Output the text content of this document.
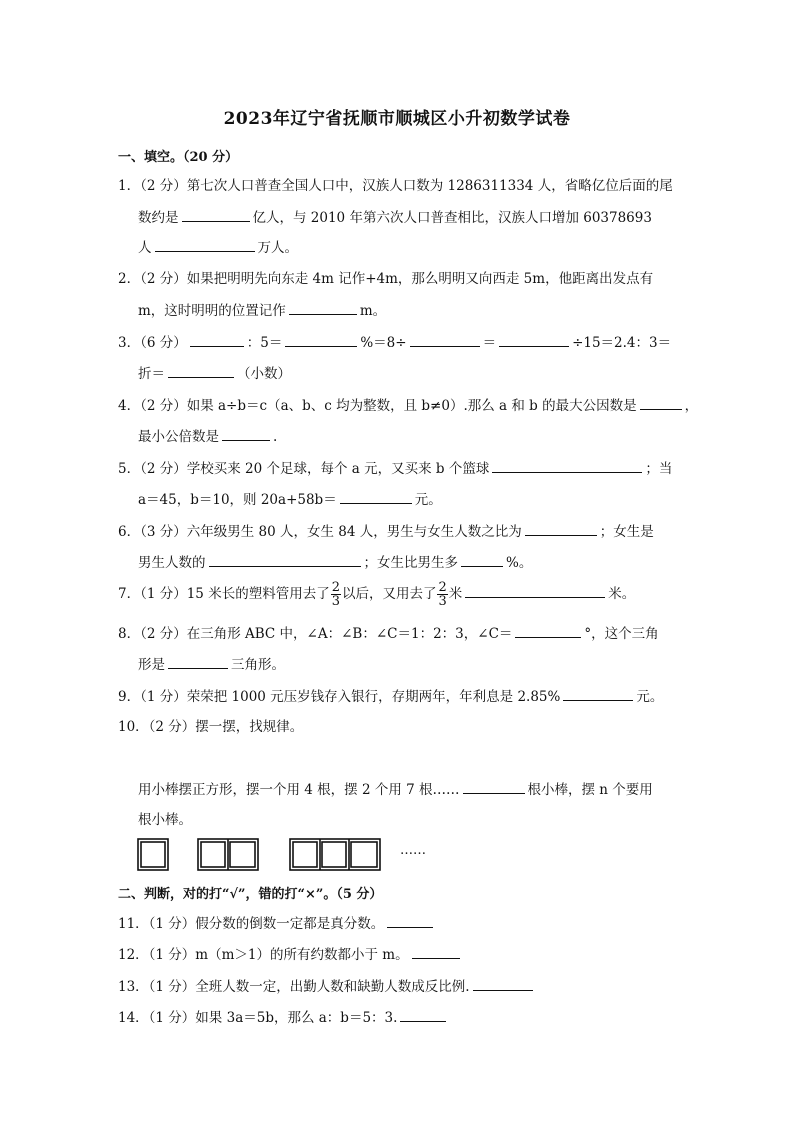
2023年辽宁省抚顺市顺城区小升初数学试卷
一、填空。（20 分）
1．（2 分）第七次人口普查全国人口中，汉族人口数为 1286311334 人，省略亿位后面的尾
数约是	亿人，与 2010 年第六次人口普查相比，汉族人口增加 60378693
人	万人。
2．（2 分）如果把明明先向东走 4m 记作+4m，那么明明又向西走 5m，他距离出发点有
m，这时明明的位置记作	m。
3．（6 分）	：5＝	%＝8÷	＝	÷15＝2.4：3＝
折＝	（小数）
4．（2 分）如果 a÷b＝c（a、b、c 均为整数，且 b≠0）.那么 a 和 b 的最大公因数是	，
最小公倍数是	.
5．（2 分）学校买来 20 个足球，每个 a 元，又买来 b 个篮球	；当
a＝45，b＝10，则 20a+58b＝	元。
6．（3 分）六年级男生 80 人，女生 84 人，男生与女生人数之比为	；女生是
男生人数的	；女生比男生多	%。
7．（1 分）15 米长的塑料管用去了 $\frac{2}{3}$ 以后，又用去了 $\frac{2}{3}$ 米	米。
8．（2 分）在三角形 ABC 中，∠A：∠B：∠C＝1：2：3，∠C＝	°，这个三角
形是	三角形。
9．（1 分）荣荣把 1000 元压岁钱存入银行，存期两年，年利息是 2.85%	元。
10．（2 分）摆一摆，找规律。
用小棒摆正方形，摆一个用 4 根，摆 2 个用 7 根……	根小棒，摆 n 个要用
根小棒。
……
二、判断，对的打“√”，错的打“×”。（5 分）
11．（1 分）假分数的倒数一定都是真分数。
12．（1 分）m（m＞1）的所有约数都小于 m。
13．（1 分）全班人数一定，出勤人数和缺勤人数成反比例.
14．（1 分）如果 3a＝5b，那么 a：b＝5：3.
